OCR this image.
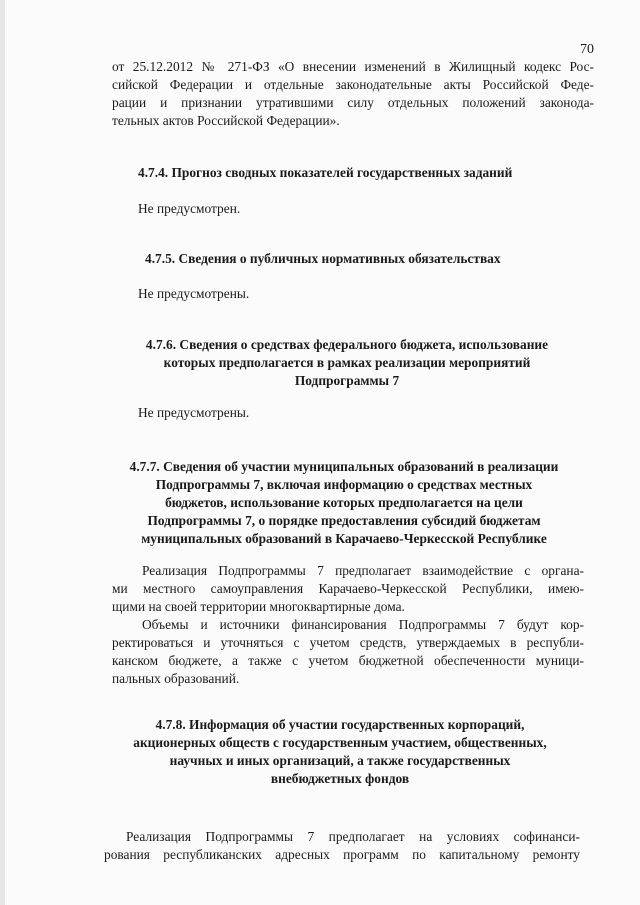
70

от 25.12.2012 № 271-ФЗ «О внесении изменений в Жилищный кодекс Рос-
сийской Федерации и отдельные законодательные акты Российской Феде-
рации и признании утратившими силу отдельных положений законода-
тельных актов Российской Федерации».

4.7.4. Прогноз сводных показателей государственных заданий

Не предусмотрен.

4.7.5. Сведения о публичных нормативных обязательствах

Не предусмотрены.

4.7.6. Сведения о средствах федерального бюджета, использование
которых предполагается в рамках реализации мероприятий
Подпрограммы 7

Не предусмотрены.

4.7.7. Сведения об участии муниципальных образований в реализации
Подпрограммы 7, включая информацию о средствах местных
бюджетов, использование которых предполагается на цели
Подпрограммы 7, о порядке предоставления субсидий бюджетам
муниципальных образований в Карачаево-Черкесской Республике

Реализация Подпрограммы 7 предполагает взаимодействие с органа-
ми местного самоуправления Карачаево-Черкесской Республики, имею-
щими на своей территории многоквартирные дома.

Объемы и источники финансирования Подпрограммы 7 будут кор-
ректироваться и уточняться с учетом средств, утверждаемых в республи-
канском бюджете, а также с учетом бюджетной обеспеченности муници-
пальных образований.

4.7.8. Информация об участии государственных корпораций,
акционерных обществ с государственным участием, общественных,
научных и иных организаций, а также государственных
внебюджетных фондов

Реализация Подпрограммы 7 предполагает на условиях софинанси-
рования республиканских адресных программ по капитальному ремонту
